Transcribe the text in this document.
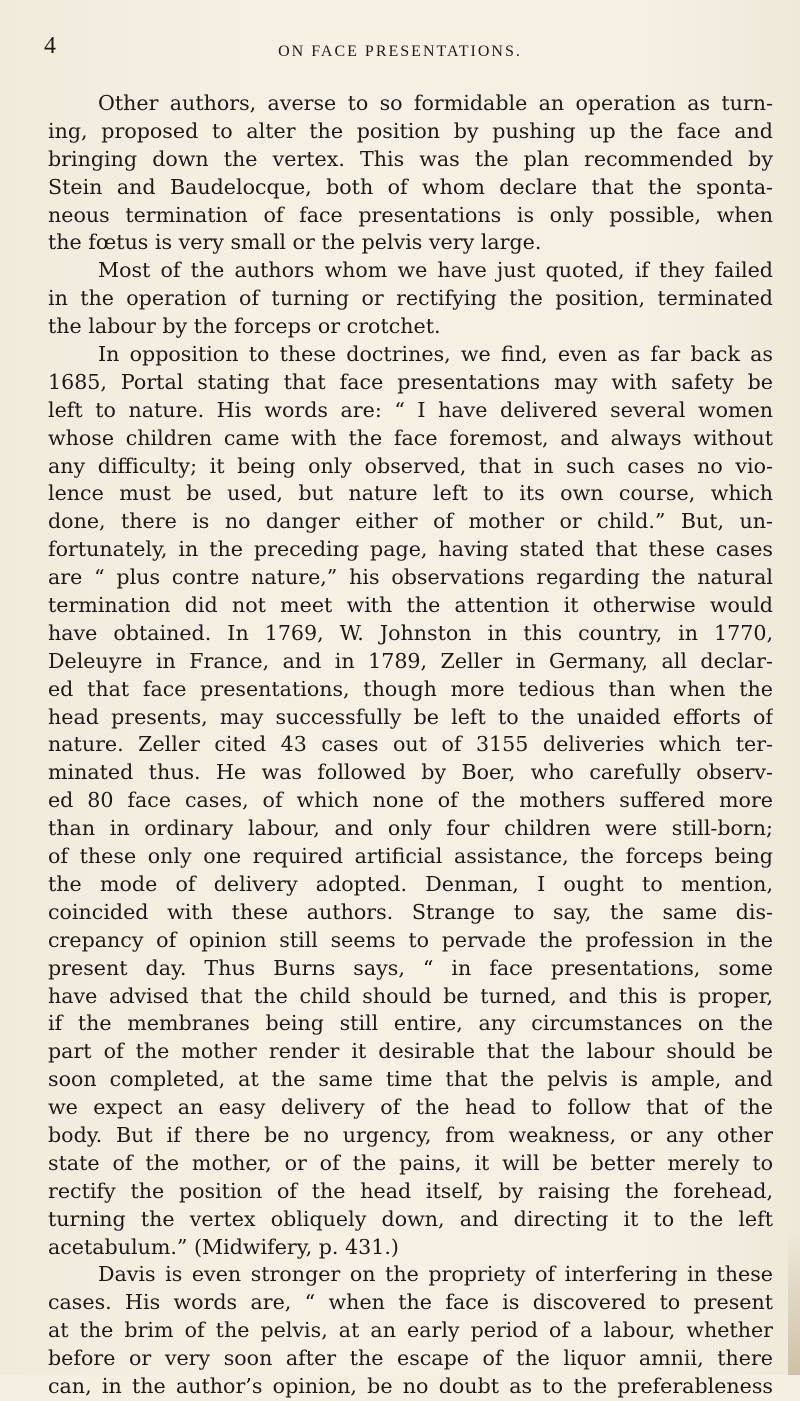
4	ON FACE PRESENTATIONS.
Other authors, averse to so formidable an operation as turn-
ing, proposed to alter the position by pushing up the face and
bringing down the vertex. This was the plan recommended by
Stein and Baudelocque, both of whom declare that the sponta-
neous termination of face presentations is only possible, when
the fœtus is very small or the pelvis very large.
Most of the authors whom we have just quoted, if they failed
in the operation of turning or rectifying the position, terminated
the labour by the forceps or crotchet.
In opposition to these doctrines, we find, even as far back as
1685, Portal stating that face presentations may with safety be
left to nature. His words are: “ I have delivered several women
whose children came with the face foremost, and always without
any difficulty; it being only observed, that in such cases no vio-
lence must be used, but nature left to its own course, which
done, there is no danger either of mother or child.” But, un-
fortunately, in the preceding page, having stated that these cases
are “ plus contre nature,” his observations regarding the natural
termination did not meet with the attention it otherwise would
have obtained. In 1769, W. Johnston in this country, in 1770,
Deleuyre in France, and in 1789, Zeller in Germany, all declar-
ed that face presentations, though more tedious than when the
head presents, may successfully be left to the unaided efforts of
nature. Zeller cited 43 cases out of 3155 deliveries which ter-
minated thus. He was followed by Boer, who carefully observ-
ed 80 face cases, of which none of the mothers suffered more
than in ordinary labour, and only four children were still-born;
of these only one required artificial assistance, the forceps being
the mode of delivery adopted. Denman, I ought to mention,
coincided with these authors. Strange to say, the same dis-
crepancy of opinion still seems to pervade the profession in the
present day. Thus Burns says, “ in face presentations, some
have advised that the child should be turned, and this is proper,
if the membranes being still entire, any circumstances on the
part of the mother render it desirable that the labour should be
soon completed, at the same time that the pelvis is ample, and
we expect an easy delivery of the head to follow that of the
body. But if there be no urgency, from weakness, or any other
state of the mother, or of the pains, it will be better merely to
rectify the position of the head itself, by raising the forehead,
turning the vertex obliquely down, and directing it to the left
acetabulum.” (Midwifery, p. 431.)
Davis is even stronger on the propriety of interfering in these
cases. His words are, “ when the face is discovered to present
at the brim of the pelvis, at an early period of a labour, whether
before or very soon after the escape of the liquor amnii, there
can, in the author’s opinion, be no doubt as to the preferableness
